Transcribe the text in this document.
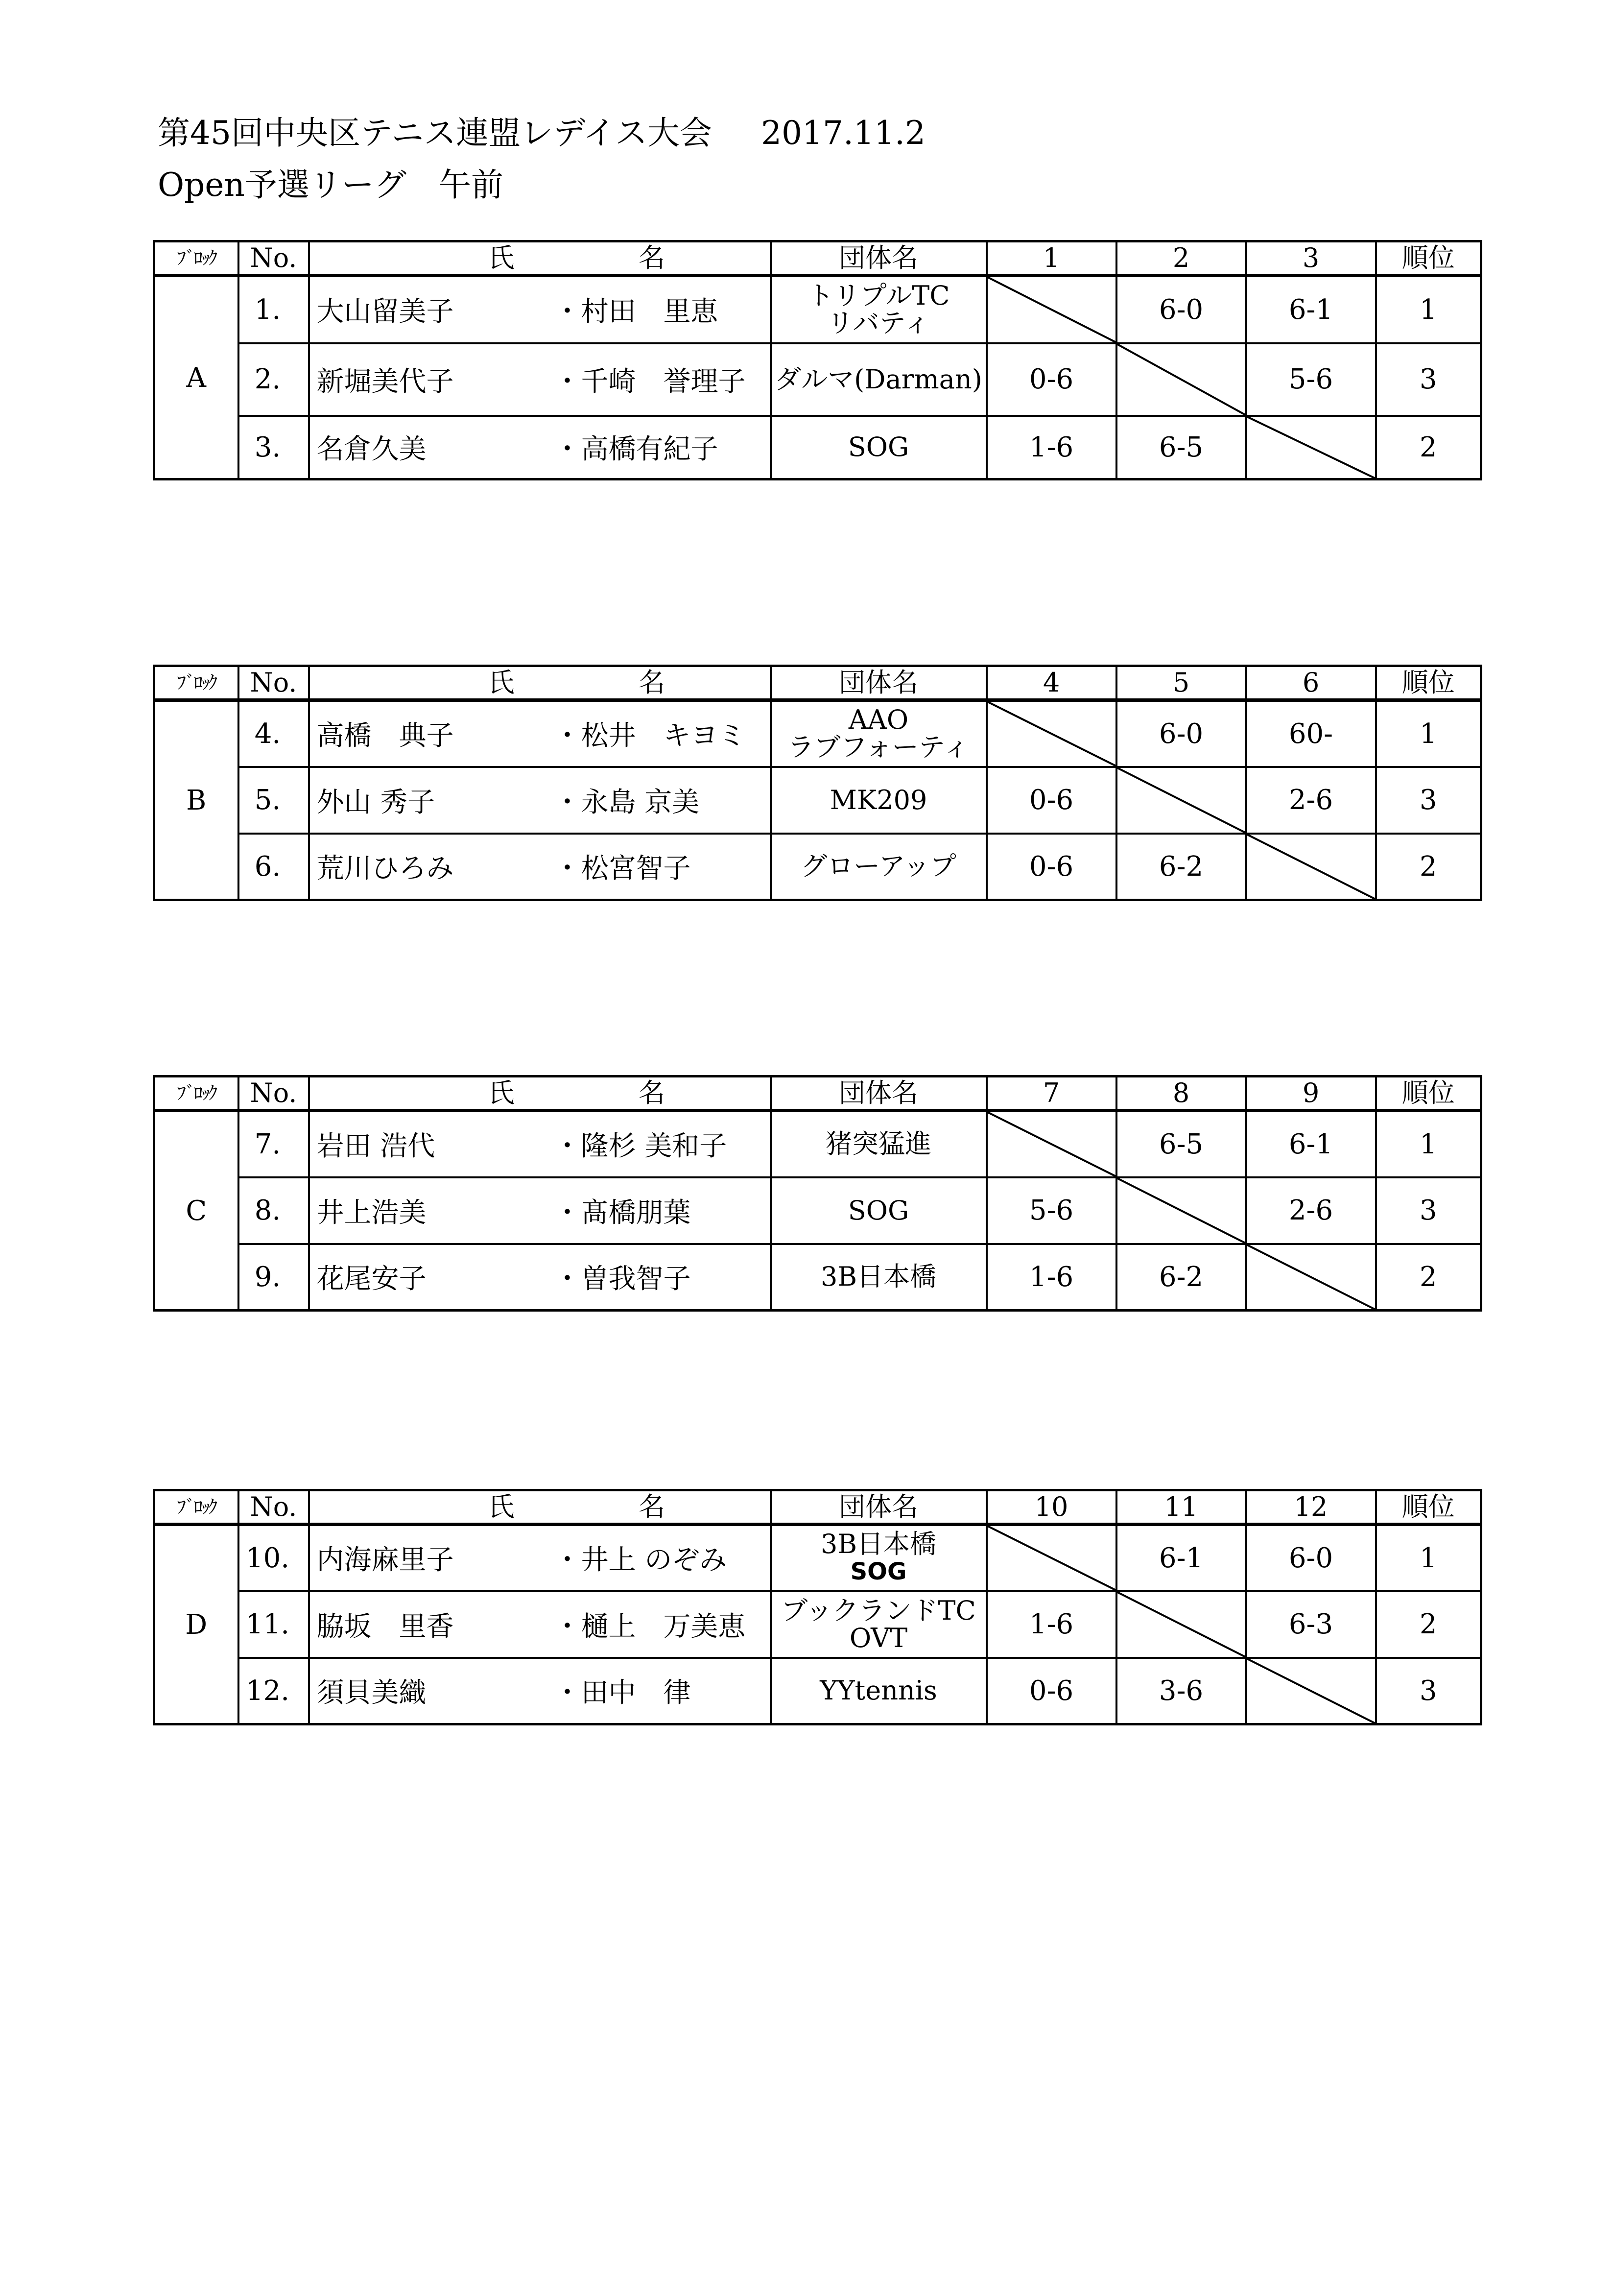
第45回中央区テニス連盟レデイス大会 2017.11.2
Open予選リーグ　午前
ﾌﾞﾛｯｸ	No.	氏	名	団体名	1	2	3	順位
A	1.	大山留美子	・村田　里恵	トリプルTC
リバティ		6-0	6-1	1
	2.	新堀美代子	・千崎　誉理子	ダルマ(Darman)	0-6		5-6	3
	3.	名倉久美	・高橋有紀子	SOG	1-6	6-5		2
ﾌﾞﾛｯｸ	No.	氏	名	団体名	4	5	6	順位
B	4.	高橋　典子	・松井　キヨミ	AAO
ラブフォーティ		6-0	60-	1
	5.	外山 秀子	・永島 京美	MK209	0-6		2-6	3
	6.	荒川ひろみ	・松宮智子	グローアップ	0-6	6-2		2
ﾌﾞﾛｯｸ	No.	氏	名	団体名	7	8	9	順位
C	7.	岩田 浩代	・隆杉 美和子	猪突猛進		6-5	6-1	1
	8.	井上浩美	・髙橋朋葉	SOG	5-6		2-6	3
	9.	花尾安子	・曽我智子	3B日本橋	1-6	6-2		2
ﾌﾞﾛｯｸ	No.	氏	名	団体名	10	11	12	順位
D	10.	内海麻里子	・井上 のぞみ	3B日本橋
SOG		6-1	6-0	1
	11.	脇坂　里香	・樋上　万美恵	ブックランドTC
OVT	1-6		6-3	2
	12.	須貝美織	・田中　律	YYtennis	0-6	3-6		3
